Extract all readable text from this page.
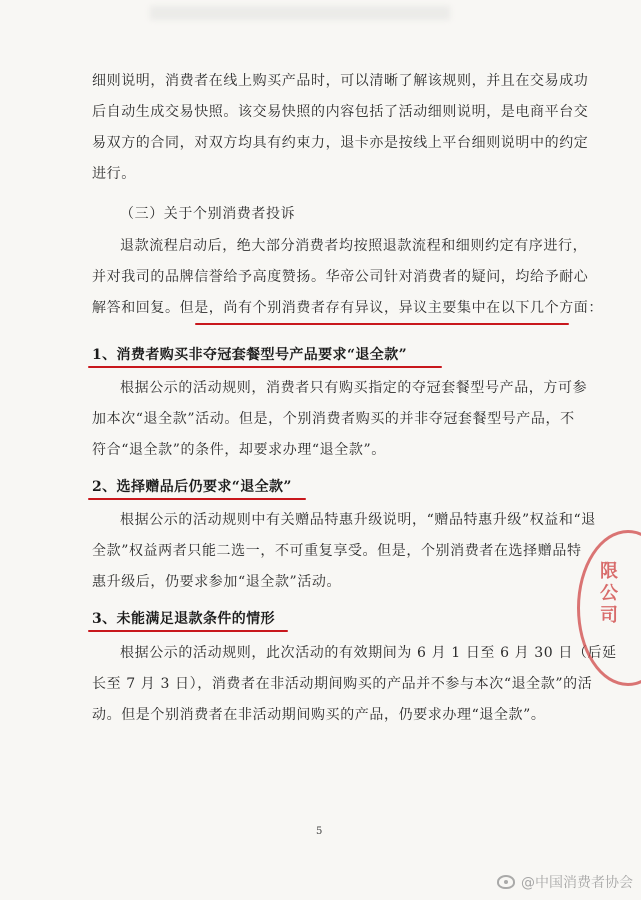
细则说明，消费者在线上购买产品时，可以清晰了解该规则，并且在交易成功
后自动生成交易快照。该交易快照的内容包括了活动细则说明，是电商平台交
易双方的合同，对双方均具有约束力，退卡亦是按线上平台细则说明中的约定
进行。
（三）关于个别消费者投诉
退款流程启动后，绝大部分消费者均按照退款流程和细则约定有序进行，
并对我司的品牌信誉给予高度赞扬。华帝公司针对消费者的疑问，均给予耐心
解答和回复。但是，尚有个别消费者存有异议，异议主要集中在以下几个方面：
1、消费者购买非夺冠套餐型号产品要求“退全款”
根据公示的活动规则，消费者只有购买指定的夺冠套餐型号产品，方可参
加本次“退全款”活动。但是，个别消费者购买的并非夺冠套餐型号产品，不
符合“退全款”的条件，却要求办理“退全款”。
2、选择赠品后仍要求“退全款”
根据公示的活动规则中有关赠品特惠升级说明，“赠品特惠升级”权益和“退
全款”权益两者只能二选一，不可重复享受。但是，个别消费者在选择赠品特
惠升级后，仍要求参加“退全款”活动。
3、未能满足退款条件的情形
根据公示的活动规则，此次活动的有效期间为 6 月 1 日至 6 月 30 日（后延
长至 7 月 3 日），消费者在非活动期间购买的产品并不参与本次“退全款”的活
动。但是个别消费者在非活动期间购买的产品，仍要求办理“退全款”。
5
限公司
@中国消费者协会
